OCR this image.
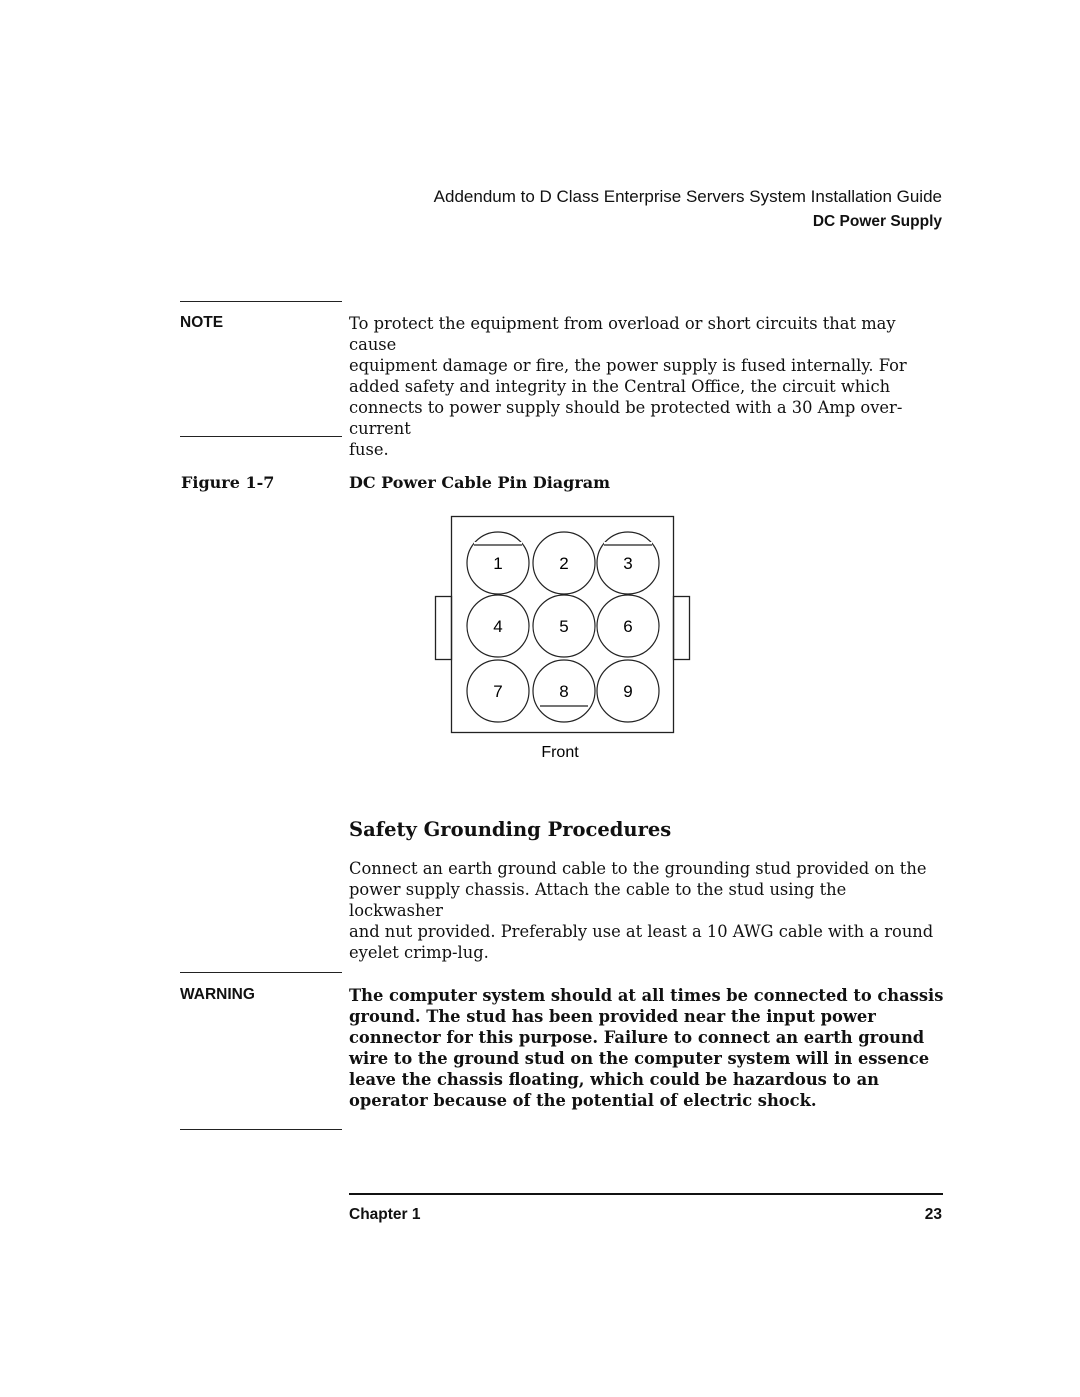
Addendum to D Class Enterprise Servers System Installation Guide
DC Power Supply
NOTE	To protect the equipment from overload or short circuits that may cause
equipment damage or fire, the power supply is fused internally. For
added safety and integrity in the Central Office, the circuit which
connects to power supply should be protected with a 30 Amp over-current
fuse.
Figure 1-7	DC Power Cable Pin Diagram
1	2	3
4	5	6
7	8	9
Front
Safety Grounding Procedures
Connect an earth ground cable to the grounding stud provided on the
power supply chassis. Attach the cable to the stud using the lockwasher
and nut provided. Preferably use at least a 10 AWG cable with a round
eyelet crimp-lug.
WARNING	The computer system should at all times be connected to chassis
ground. The stud has been provided near the input power
connector for this purpose. Failure to connect an earth ground
wire to the ground stud on the computer system will in essence
leave the chassis floating, which could be hazardous to an
operator because of the potential of electric shock.
Chapter 1	23
